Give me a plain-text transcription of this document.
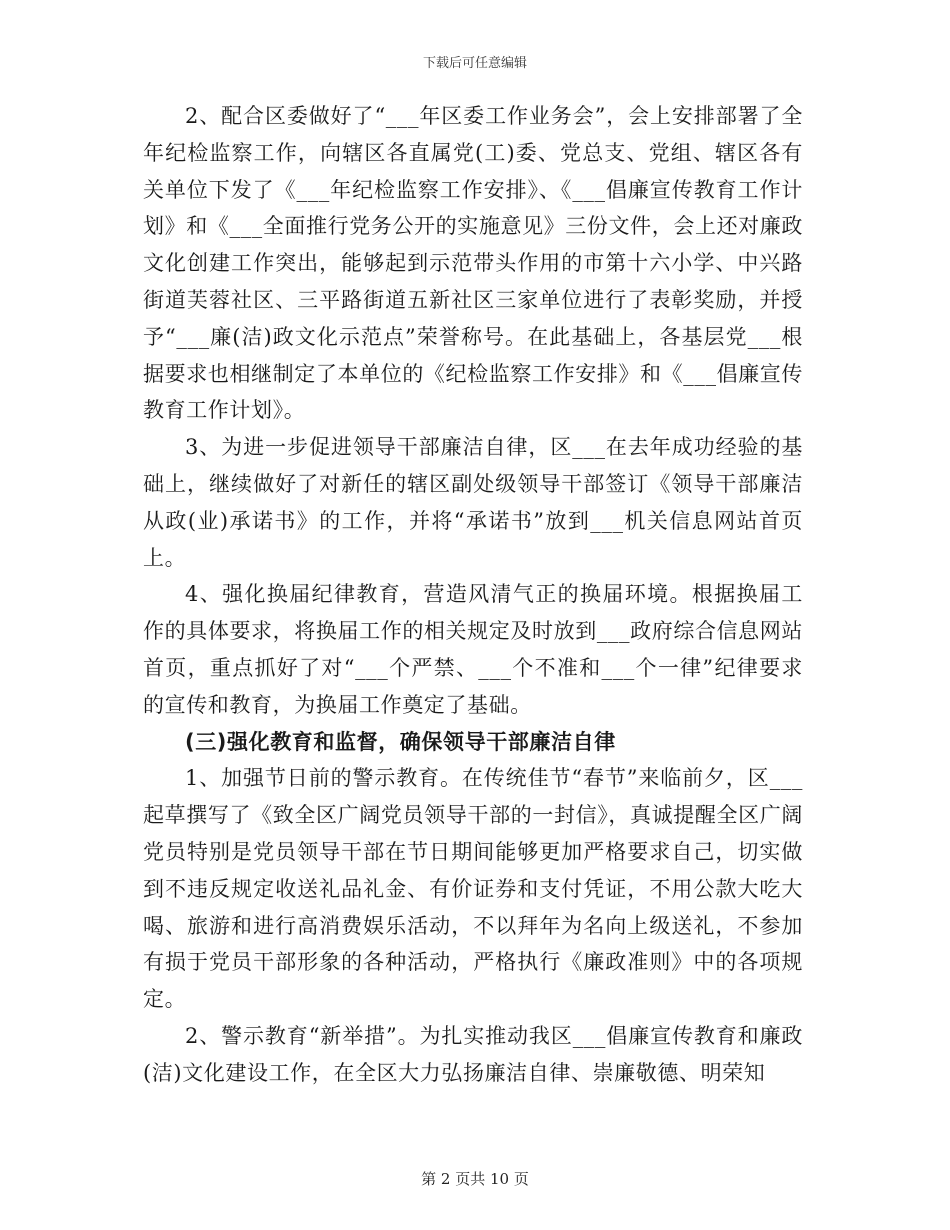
下载后可任意编辑

2、配合区委做好了“___年区委工作业务会”，会上安排部署了全年纪检监察工作，向辖区各直属党(工)委、党总支、党组、辖区各有关单位下发了《___年纪检监察工作安排》、《___倡廉宣传教育工作计划》和《___全面推行党务公开的实施意见》三份文件，会上还对廉政文化创建工作突出，能够起到示范带头作用的市第十六小学、中兴路街道芙蓉社区、三平路街道五新社区三家单位进行了表彰奖励，并授予“___廉(洁)政文化示范点”荣誉称号。在此基础上，各基层党___根据要求也相继制定了本单位的《纪检监察工作安排》和《___倡廉宣传教育工作计划》。

3、为进一步促进领导干部廉洁自律，区___在去年成功经验的基础上，继续做好了对新任的辖区副处级领导干部签订《领导干部廉洁从政(业)承诺书》的工作，并将“承诺书”放到___机关信息网站首页上。

4、强化换届纪律教育，营造风清气正的换届环境。根据换届工作的具体要求，将换届工作的相关规定及时放到___政府综合信息网站首页，重点抓好了对“___个严禁、___个不准和___个一律”纪律要求的宣传和教育，为换届工作奠定了基础。

(三)强化教育和监督，确保领导干部廉洁自律

1、加强节日前的警示教育。在传统佳节“春节”来临前夕，区___起草撰写了《致全区广阔党员领导干部的一封信》，真诚提醒全区广阔党员特别是党员领导干部在节日期间能够更加严格要求自己，切实做到不违反规定收送礼品礼金、有价证券和支付凭证，不用公款大吃大喝、旅游和进行高消费娱乐活动，不以拜年为名向上级送礼，不参加有损于党员干部形象的各种活动，严格执行《廉政准则》中的各项规定。

2、警示教育“新举措”。为扎实推动我区___倡廉宣传教育和廉政(洁)文化建设工作，在全区大力弘扬廉洁自律、崇廉敬德、明荣知

第 2 页共 10 页
